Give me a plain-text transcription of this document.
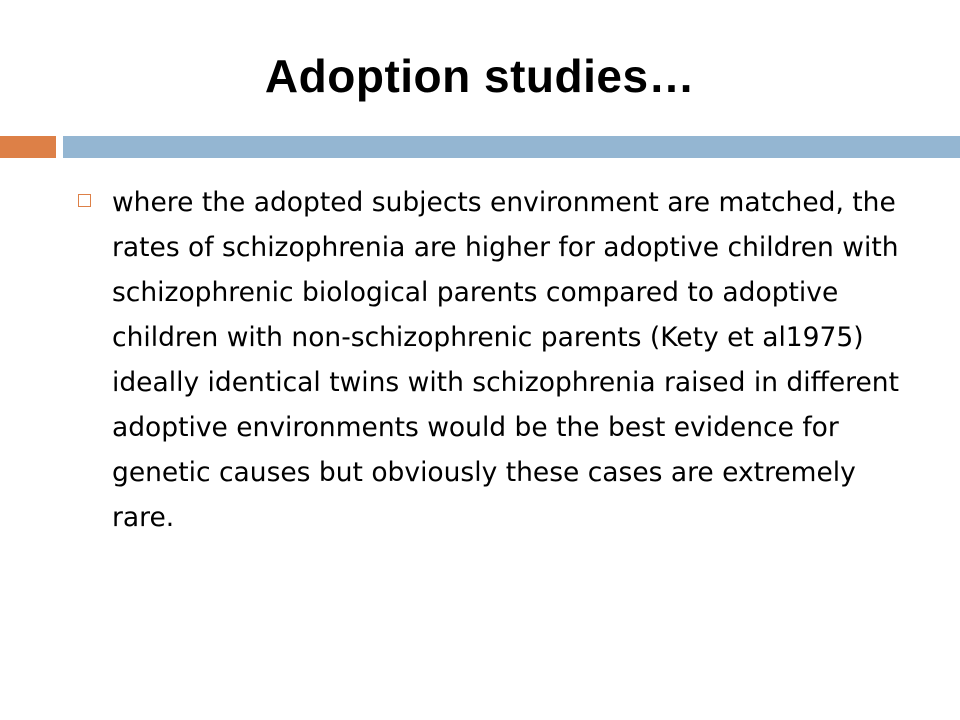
Adoption studies…
where the adopted subjects environment are matched, the rates of schizophrenia are higher for adoptive children with schizophrenic biological parents compared to adoptive children with non-schizophrenic parents (Kety et al1975) ideally identical twins with schizophrenia raised in different adoptive environments would be the best evidence for genetic causes but obviously these cases are extremely rare.
